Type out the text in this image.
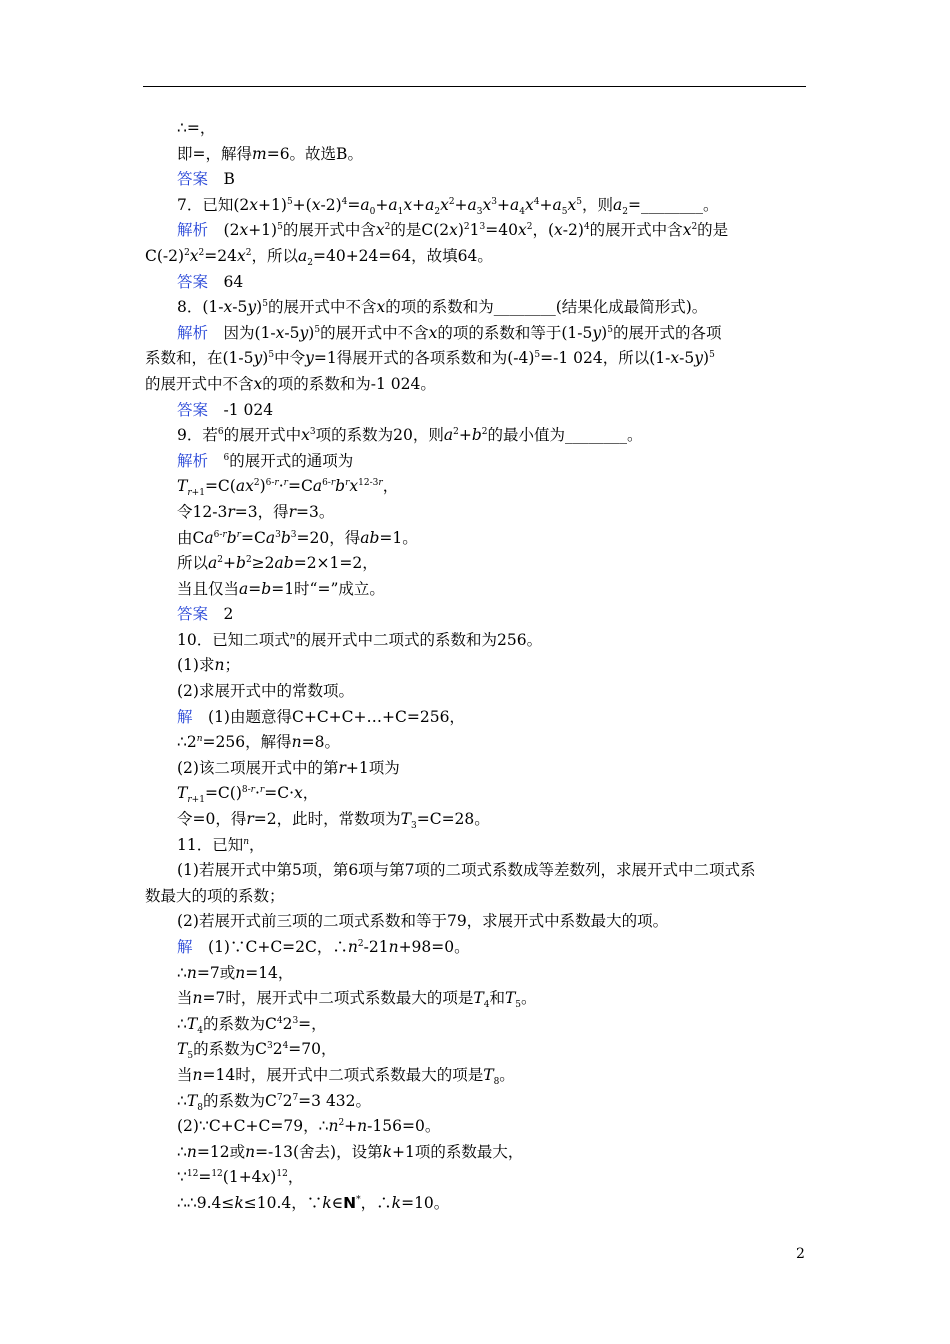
∴=，
即=，解得m=6。故选B。
答案　B
7．已知$(2x+1)^5+(x-2)^4=a_0+a_1x+a_2x^2+a_3x^3+a_4x^4+a_5x^5$，则$a_2=\_\_\_\_\_\_\_\_$。
解析　$(2x+1)^5$的展开式中含$x^2$的是$C(2x)^21^3=40x^2$，$(x-2)^4$的展开式中含$x^2$的是
$C(-2)^2x^2=24x^2$，所以$a_2=40+24=64$，故填64。
答案　64
8．$(1-x-5y)^5$的展开式中不含x的项的系数和为________(结果化成最简形式)。
解析　因为$(1-x-5y)^5$的展开式中不含x的项的系数和等于$(1-5y)^5$的展开式的各项
系数和，在$(1-5y)^5$中令y=1得展开式的各项系数和为$(-4)^5=-1$ 024，所以$(1-x-5y)^5$
的展开式中不含x的项的系数和为-1 024。
答案　-1 024
9．若$^6$的展开式中$x^3$项的系数为20，则$a^2+b^2$的最小值为________。
解析　 $^6$的展开式的通项为
$T_{r+1}=C(ax^2)^{6-r}\cdot^r=Ca^{6-r}b^rx^{12-3r}$，
令12-3r=3，得r=3。
由$Ca^{6-r}b^r=Ca^3b^3=20$，得ab=1。
所以$a^2+b^2\ge 2ab=2\times 1=2$，
当且仅当a=b=1时“=”成立。
答案　2
10．已知二项式$^n$的展开式中二项式的系数和为256。
(1)求n；
(2)求展开式中的常数项。
解　(1)由题意得C+C+C+…+C=256，
$\therefore 2^n=256$，解得n=8。
(2)该二项展开式中的第r+1项为
$T_{r+1}=C()^{8-r}\cdot^r=C\cdot x$，
令=0，得r=2，此时，常数项为$T_3=C=28$。
11．已知$^n$，
(1)若展开式中第5项，第6项与第7项的二项式系数成等差数列，求展开式中二项式系
数最大的项的系数；
(2)若展开式前三项的二项式系数和等于79，求展开式中系数最大的项。
解　(1)∵C+C=2C，$\therefore n^2-21n+98=0$。
∴n=7或n=14，
当n=7时，展开式中二项式系数最大的项是$T_4$和$T_5$。
$\therefore T_4$的系数为$C^42^3=$，
$T_5$的系数为$C^32^4=70$，
当n=14时，展开式中二项式系数最大的项是$T_8$。
$\therefore T_8$的系数为$C^72^7=3$ 432。
(2)∵C+C+C=79，$\therefore n^2+n-156=0$。
∴n=12或n=-13(舍去)，设第k+1项的系数最大，
$\because^{12}=^{12}(1+4x)^{12}$，
∴∴9.4≤k≤10.4，∵k∈N*，∴k=10。
2
